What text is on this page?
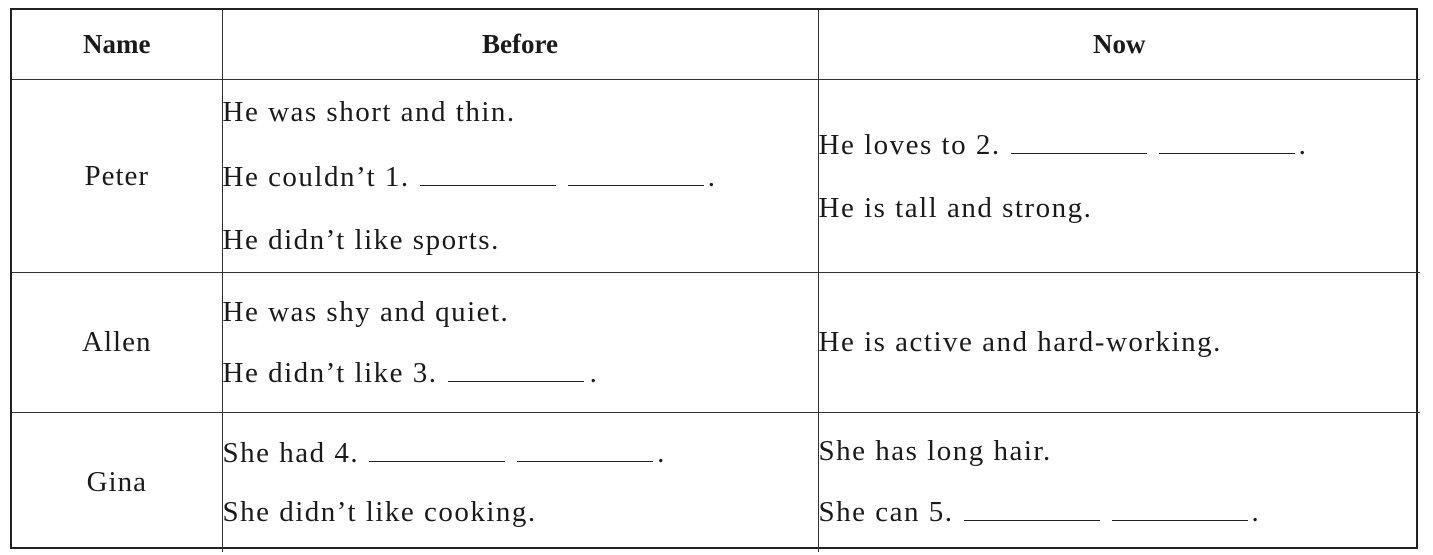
Name	Before	Now
Peter	He was short and thin.
He couldn’t 1. .
He didn’t like sports.	He loves to 2. .
He is tall and strong.

Allen	He was shy and quiet.
He didn’t like 3. .	He is active and hard-working.

Gina	She had 4. .
She didn’t like cooking.	She has long hair.
She can 5. .
